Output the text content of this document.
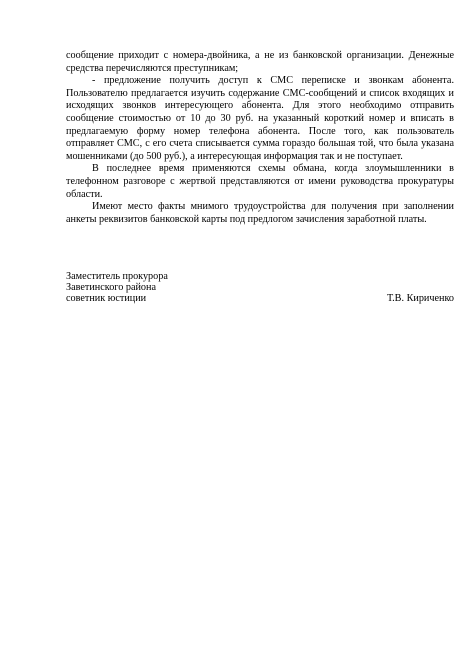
сообщение приходит с номера-двойника, а не из банковской организации. Денежные средства перечисляются преступникам;

- предложение получить доступ к СМС переписке и звонкам абонента. Пользователю предлагается изучить содержание СМС-сообщений и список входящих и исходящих звонков интересующего абонента. Для этого необходимо отправить сообщение стоимостью от 10 до 30 руб. на указанный короткий номер и вписать в предлагаемую форму номер телефона абонента. После того, как пользователь отправляет СМС, с его счета списывается сумма гораздо большая той, что была указана мошенниками (до 500 руб.), а интересующая информация так и не поступает.

В последнее время применяются схемы обмана, когда злоумышленники в телефонном разговоре с жертвой представляются от имени руководства прокуратуры области.

Имеют место факты мнимого трудоустройства для получения при заполнении анкеты реквизитов банковской карты под предлогом зачисления заработной платы.

Заместитель прокурора
Заветинского района
советник юстиции	Т.В. Кириченко
